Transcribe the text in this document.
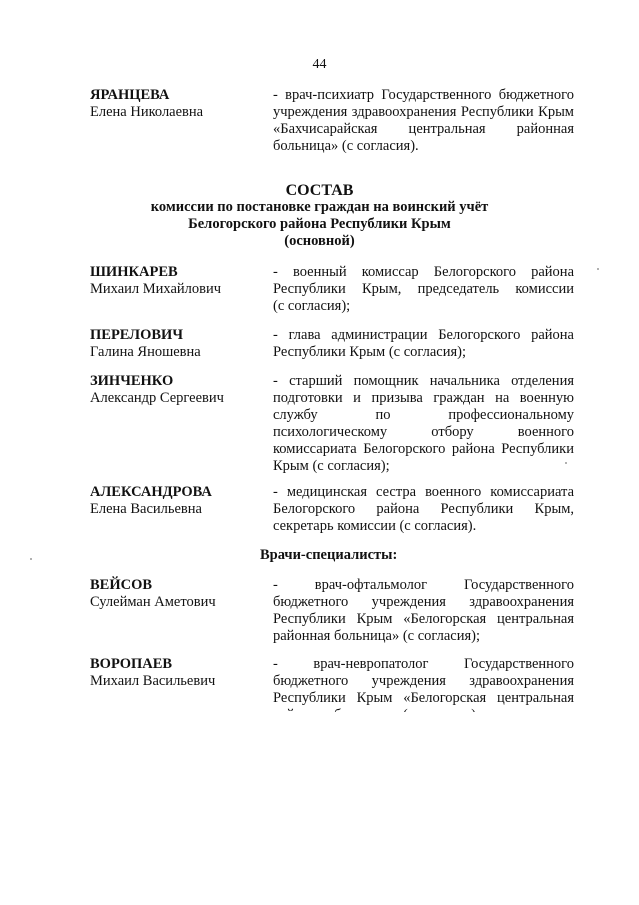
44
ЯРАНЦЕВА
Елена Николаевна
- врач-психиатр Государственного бюджетного
учреждения здравоохранения Республики Крым
«Бахчисарайская центральная районная
больница» (с согласия).
СОСТАВ
комиссии по постановке граждан на воинский учёт
Белогорского района Республики Крым
(основной)
ШИНКАРЕВ
Михаил Михайлович
- военный комиссар Белогорского района
Республики Крым, председатель комиссии
(с согласия);
ПЕРЕЛОВИЧ
Галина Яношевна
- глава администрации Белогорского района
Республики Крым (с согласия);
ЗИНЧЕНКО
Александр Сергеевич
- старший помощник начальника отделения
подготовки и призыва граждан на военную
службу по профессиональному
психологическому отбору военного
комиссариата Белогорского района Республики
Крым (с согласия);
АЛЕКСАНДРОВА
Елена Васильевна
- медицинская сестра военного комиссариата
Белогорского района Республики Крым,
секретарь комиссии (с согласия).
Врачи-специалисты:
ВЕЙСОВ
Сулейман Аметович
- врач-офтальмолог Государственного
бюджетного учреждения здравоохранения
Республики Крым «Белогорская центральная
районная больница» (с согласия);
ВОРОПАЕВ
Михаил Васильевич
- врач-невропатолог Государственного
бюджетного учреждения здравоохранения
Республики Крым «Белогорская центральная
